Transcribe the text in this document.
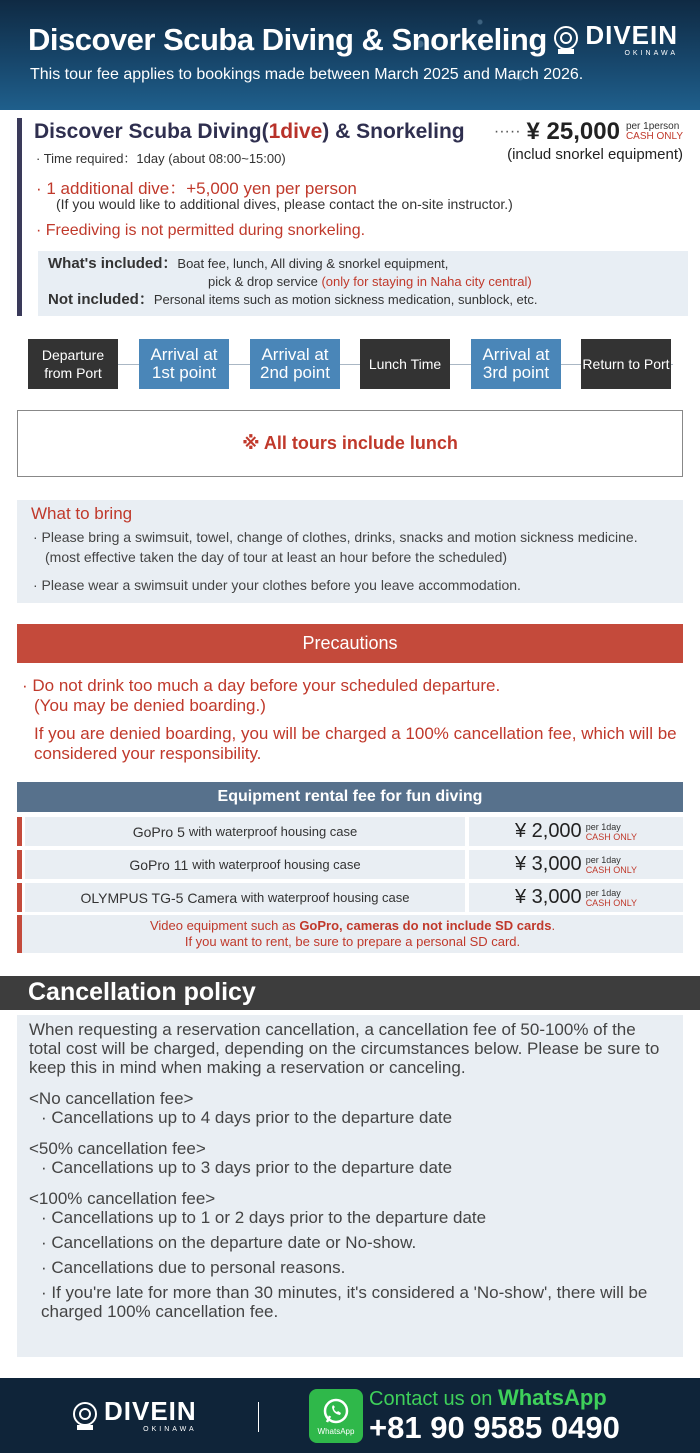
Discover Scuba Diving & Snorkeling
This tour fee applies to bookings made between March 2025 and March 2026.
DIVEIN
OKINAWA
Discover Scuba Diving(1dive) & Snorkeling ····· ¥ 25,000 per 1person
CASH ONLY
(includ snorkel equipment)
· Time required：1day (about 08:00~15:00)
· 1 additional dive：+5,000 yen per person
(If you would like to additional dives, please contact the on-site instructor.)
· Freediving is not permitted during snorkeling.
What's included：Boat fee, lunch, All diving & snorkel equipment,
pick & drop service (only for staying in Naha city central)
Not included：Personal items such as motion sickness medication, sunblock, etc.
Departure from Port
Arrival at 1st point
Arrival at 2nd point	Lunch Time	Arrival at 3rd point	Return to Port
※ All tours include lunch
What to bring

· Please bring a swimsuit, towel, change of clothes, drinks, snacks and motion sickness medicine. (most effective taken the day of tour at least an hour before the scheduled)

· Please wear a swimsuit under your clothes before you leave accommodation.

Precautions
· Do not drink too much a day before your scheduled departure.
(You may be denied boarding.)
If you are denied boarding, you will be charged a 100% cancellation fee, which will be considered your responsibility.
Equipment rental fee for fun diving
GoPro 5 with waterproof housing case	¥ 2,000 per 1day
CASH ONLY
GoPro 11 with waterproof housing case	¥ 3,000 per 1day
CASH ONLY
OLYMPUS TG-5 Camera with waterproof housing case	¥ 3,000 per 1day
CASH ONLY
Video equipment such as GoPro, cameras do not include SD cards.
If you want to rent, be sure to prepare a personal SD card.
Cancellation policy
When requesting a reservation cancellation, a cancellation fee of 50-100% of the total cost will be charged, depending on the circumstances below. Please be sure to keep this in mind when making a reservation or canceling.
<No cancellation fee>
· Cancellations up to 4 days prior to the departure date
<50% cancellation fee>
· Cancellations up to 3 days prior to the departure date
<100% cancellation fee>
· Cancellations up to 1 or 2 days prior to the departure date
· Cancellations on the departure date or No-show.
· Cancellations due to personal reasons.
· If you're late for more than 30 minutes, it's considered a 'No-show', there will be charged 100% cancellation fee.
DIVEIN
OKINAWA	WhatsApp
Contact us on WhatsApp
+81 90 9585 0490
